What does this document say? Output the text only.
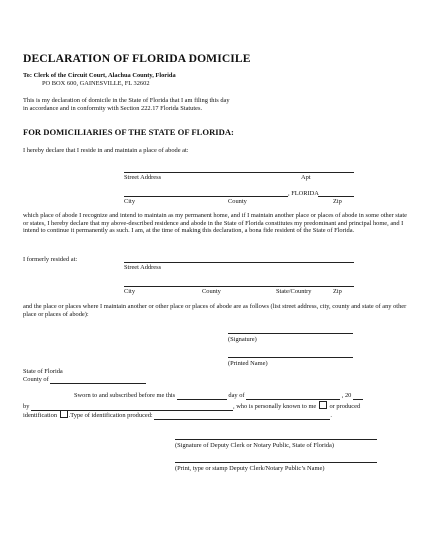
DECLARATION OF FLORIDA DOMICILE
To: Clerk of the Circuit Court, Alachua County, Florida
PO BOX 600, GAINESVILLE, FL 32602
This is my declaration of domicile in the State of Florida that I am filing this day in accordance and in conformity with Section 222.17 Florida Statutes.
FOR DOMICILIARIES OF THE STATE OF FLORIDA:
I hereby declare that I reside in and maintain a place of abode at:
Street Address	Apt
, FLORIDA
City	County	Zip
which place of abode I recognize and intend to maintain as my permanent home, and if I maintain another place or places of abode in some other state or states, I hereby declare that my above-described residence and abode in the State of Florida constitutes my predominant and principal home, and I intend to continue it permanently as such. I am, at the time of making this declaration, a bona fide resident of the State of Florida.
I formerly resided at:
Street Address
City	County	State/Country	Zip
and the place or places where I maintain another or other place or places of abode are as follows (list street address, city, county and state of any other place or places of abode):
(Signature)
(Printed Name)
State of Florida
County of
Sworn to and subscribed before me this	day of	, 20
by	, who is personally known to me or produced
identification .Type of identification produced:	.
(Signature of Deputy Clerk or Notary Public, State of Florida)
(Print, type or stamp Deputy Clerk/Notary Public’s Name)
